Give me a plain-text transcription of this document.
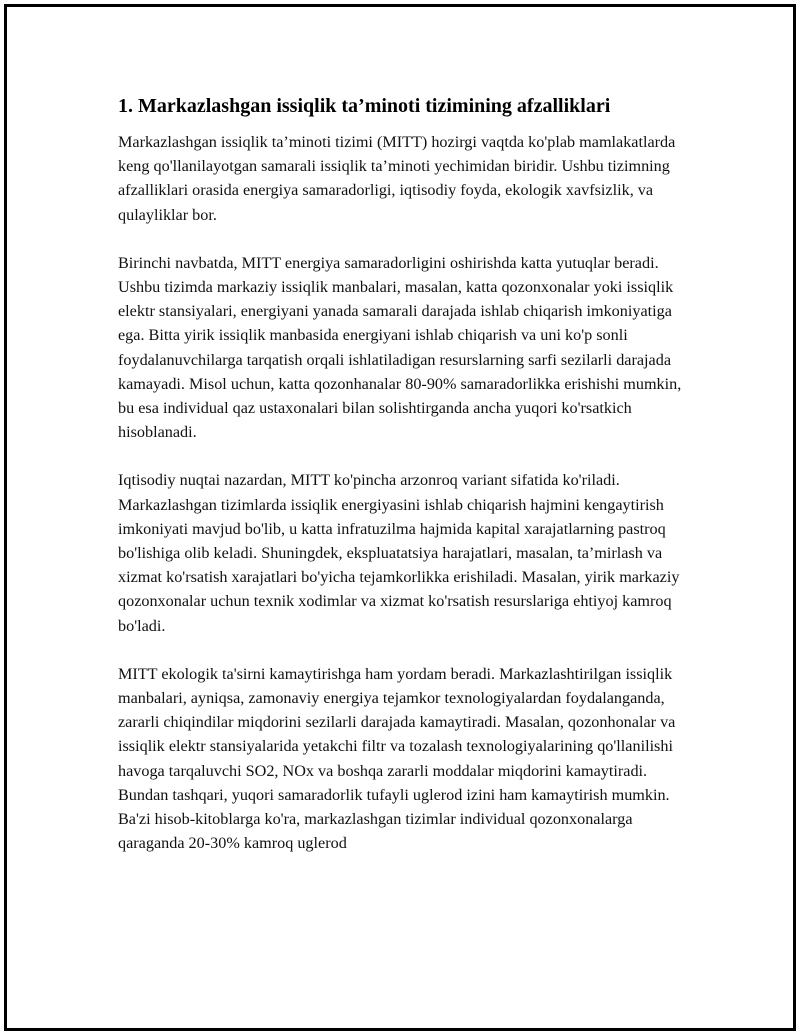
1. Markazlashgan issiqlik ta’minoti tizimining afzalliklari

Markazlashgan issiqlik ta’minoti tizimi (MITT) hozirgi vaqtda ko'plab mamlakatlarda keng qo'llanilayotgan samarali issiqlik ta’minoti yechimidan biridir. Ushbu tizimning afzalliklari orasida energiya samaradorligi, iqtisodiy foyda, ekologik xavfsizlik, va qulayliklar bor.

Birinchi navbatda, MITT energiya samaradorligini oshirishda katta yutuqlar beradi. Ushbu tizimda markaziy issiqlik manbalari, masalan, katta qozonxonalar yoki issiqlik elektr stansiyalari, energiyani yanada samarali darajada ishlab chiqarish imkoniyatiga ega. Bitta yirik issiqlik manbasida energiyani ishlab chiqarish va uni ko'p sonli foydalanuvchilarga tarqatish orqali ishlatiladigan resurslarning sarfi sezilarli darajada kamayadi. Misol uchun, katta qozonhanalar 80-90% samaradorlikka erishishi mumkin, bu esa individual qaz ustaxonalari bilan solishtirganda ancha yuqori ko'rsatkich hisoblanadi.

Iqtisodiy nuqtai nazardan, MITT ko'pincha arzonroq variant sifatida ko'riladi. Markazlashgan tizimlarda issiqlik energiyasini ishlab chiqarish hajmini kengaytirish imkoniyati mavjud bo'lib, u katta infratuzilma hajmida kapital xarajatlarning pastroq bo'lishiga olib keladi. Shuningdek, ekspluatatsiya harajatlari, masalan, ta’mirlash va xizmat ko'rsatish xarajatlari bo'yicha tejamkorlikka erishiladi. Masalan, yirik markaziy qozonxonalar uchun texnik xodimlar va xizmat ko'rsatish resurslariga ehtiyoj kamroq bo'ladi.

MITT ekologik ta'sirni kamaytirishga ham yordam beradi. Markazlashtirilgan issiqlik manbalari, ayniqsa, zamonaviy energiya tejamkor texnologiyalardan foydalanganda, zararli chiqindilar miqdorini sezilarli darajada kamaytiradi. Masalan, qozonhonalar va issiqlik elektr stansiyalarida yetakchi filtr va tozalash texnologiyalarining qo'llanilishi havoga tarqaluvchi SO2, NOx va boshqa zararli moddalar miqdorini kamaytiradi. Bundan tashqari, yuqori samaradorlik tufayli uglerod izini ham kamaytirish mumkin. Ba'zi hisob-kitoblarga ko'ra, markazlashgan tizimlar individual qozonxonalarga qaraganda 20-30% kamroq uglerod
